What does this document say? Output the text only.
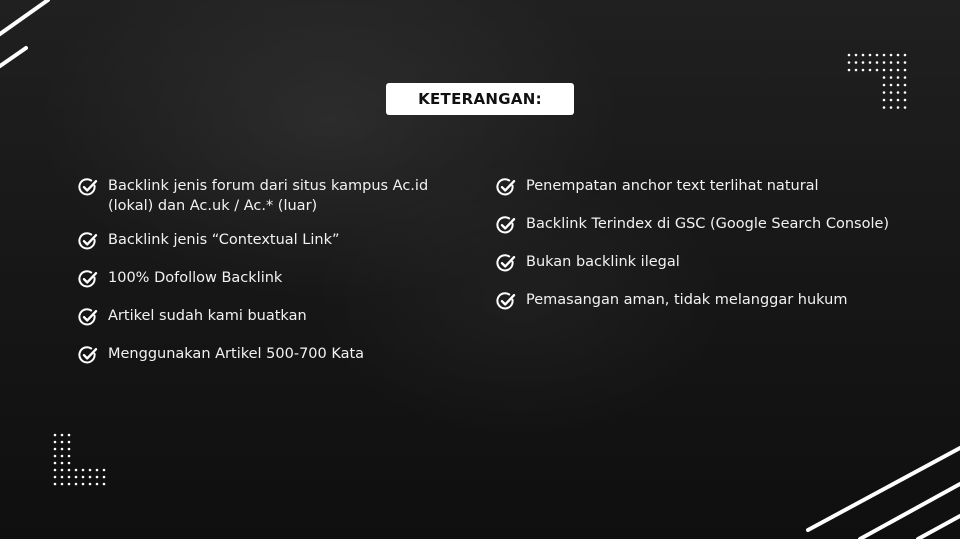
KETERANGAN:
Backlink jenis forum dari situs kampus Ac.id (lokal) dan Ac.uk / Ac.* (luar)
Backlink jenis “Contextual Link”
100% Dofollow Backlink
Artikel sudah kami buatkan
Menggunakan Artikel 500-700 Kata
Penempatan anchor text terlihat natural
Backlink Terindex di GSC (Google Search Console)
Bukan backlink ilegal
Pemasangan aman, tidak melanggar hukum
